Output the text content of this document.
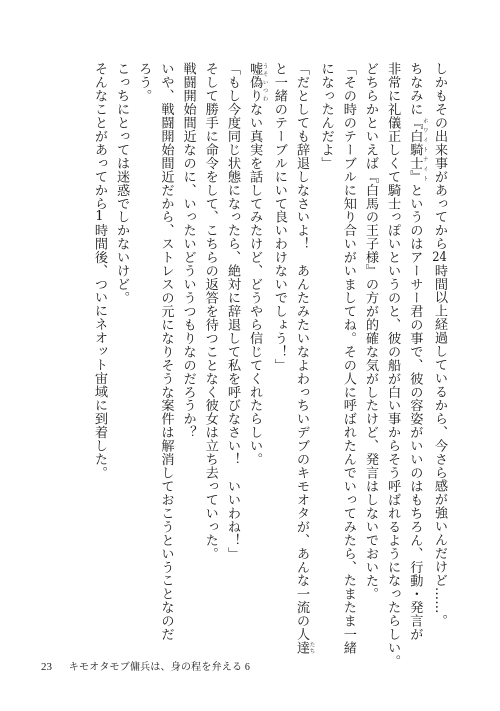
しかもその出来事があってから24時間以上経過しているから、今さら感が強いんだけど……。
ちなみに『白騎士』 ホワイトナイトというのはアーサー君の事で、彼の容姿がいいのはもちろん、行動・発言が
非常に礼儀正しくて騎士っぽいというのと、彼の船が白い事からそう呼ばれるようになったらしい。
どちらかといえば『白馬の王子様』の方が的確な気がしたけど、発言はしないでおいた。
「その時のテーブルに知り合いがいましてね。その人に呼ばれたんでいってみたら、たまたま一緒
になったんだよ」
「だとしても辞退しなさいよ！　あんたみたいなよわっちいデブのキモオタが、あんな一流の人達 たち
と一緒のテーブルにいて良いわけないでしょう！」
嘘偽り うそいつわない真実を話してみたけど、どうやら信じてくれたらしい。
「もし今度同じ状態になったら、絶対に辞退して私を呼びなさい！　いいわね！」
そして勝手に命令をして、こちらの返答を待つことなく彼女は立ち去っていった。
戦闘開始間近なのに、いったいどういうつもりなのだろうか？
いや、戦闘開始間近だから、ストレスの元になりそうな案件は解消しておこうということなのだ
ろう。
こっちにとっては迷惑でしかないけど。
そんなことがあってから1時間後、ついにネオット宙域に到着した。
23 キモオタモブ傭兵は、身の程を弁える 6
